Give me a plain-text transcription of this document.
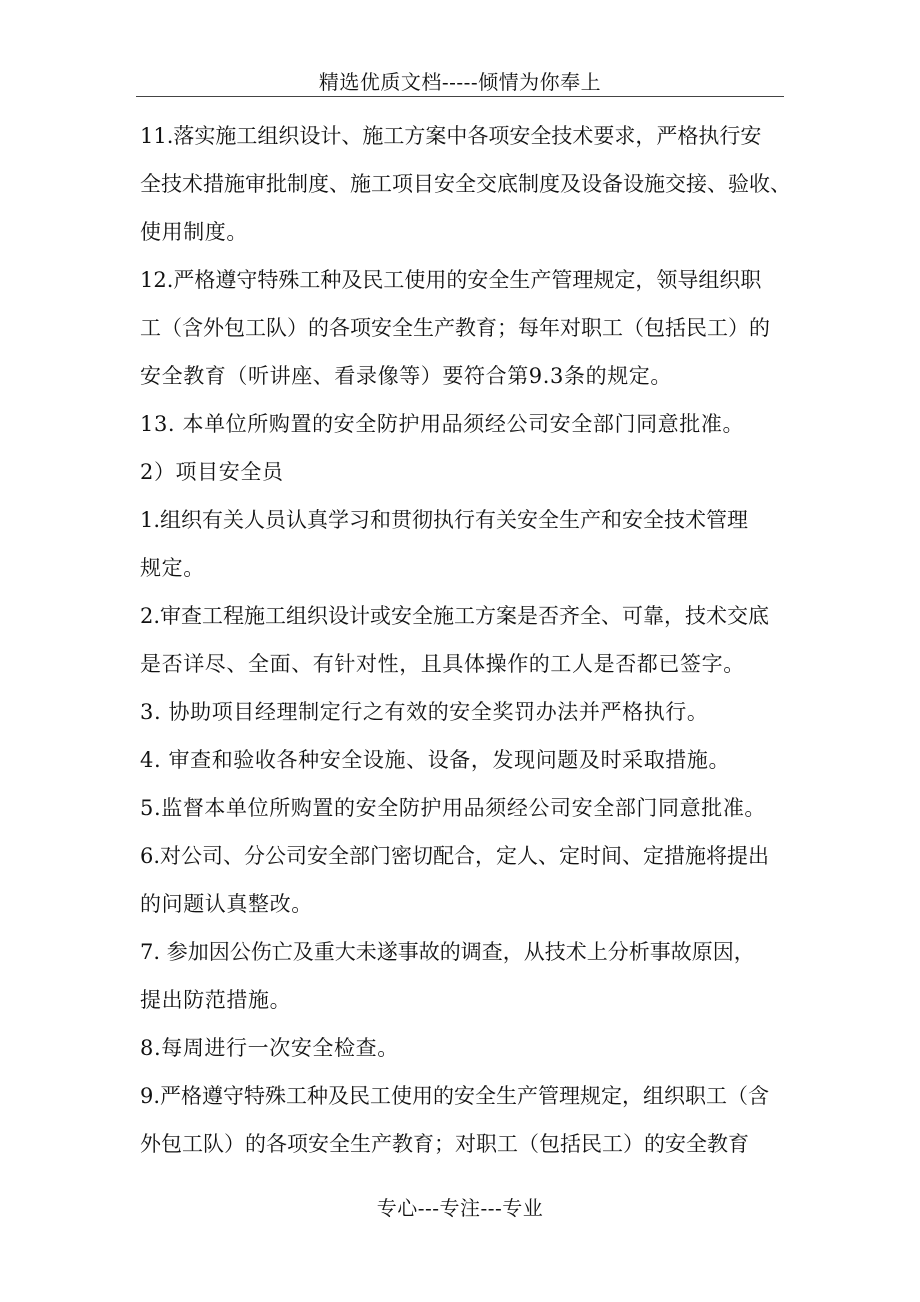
精选优质文档-----倾情为你奉上
11.落实施工组织设计、施工方案中各项安全技术要求，严格执行安
全技术措施审批制度、施工项目安全交底制度及设备设施交接、验收、
使用制度。
12.严格遵守特殊工种及民工使用的安全生产管理规定，领导组织职
工（含外包工队）的各项安全生产教育；每年对职工（包括民工）的
安全教育（听讲座、看录像等）要符合第9.3条的规定。
13. 本单位所购置的安全防护用品须经公司安全部门同意批准。
2）项目安全员
1.组织有关人员认真学习和贯彻执行有关安全生产和安全技术管理
规定。
2.审查工程施工组织设计或安全施工方案是否齐全、可靠，技术交底
是否详尽、全面、有针对性，且具体操作的工人是否都已签字。
3. 协助项目经理制定行之有效的安全奖罚办法并严格执行。
4. 审查和验收各种安全设施、设备，发现问题及时采取措施。
5.监督本单位所购置的安全防护用品须经公司安全部门同意批准。
6.对公司、分公司安全部门密切配合，定人、定时间、定措施将提出
的问题认真整改。
7. 参加因公伤亡及重大未遂事故的调查，从技术上分析事故原因，
提出防范措施。
8.每周进行一次安全检查。
9.严格遵守特殊工种及民工使用的安全生产管理规定，组织职工（含
外包工队）的各项安全生产教育；对职工（包括民工）的安全教育
专心---专注---专业
